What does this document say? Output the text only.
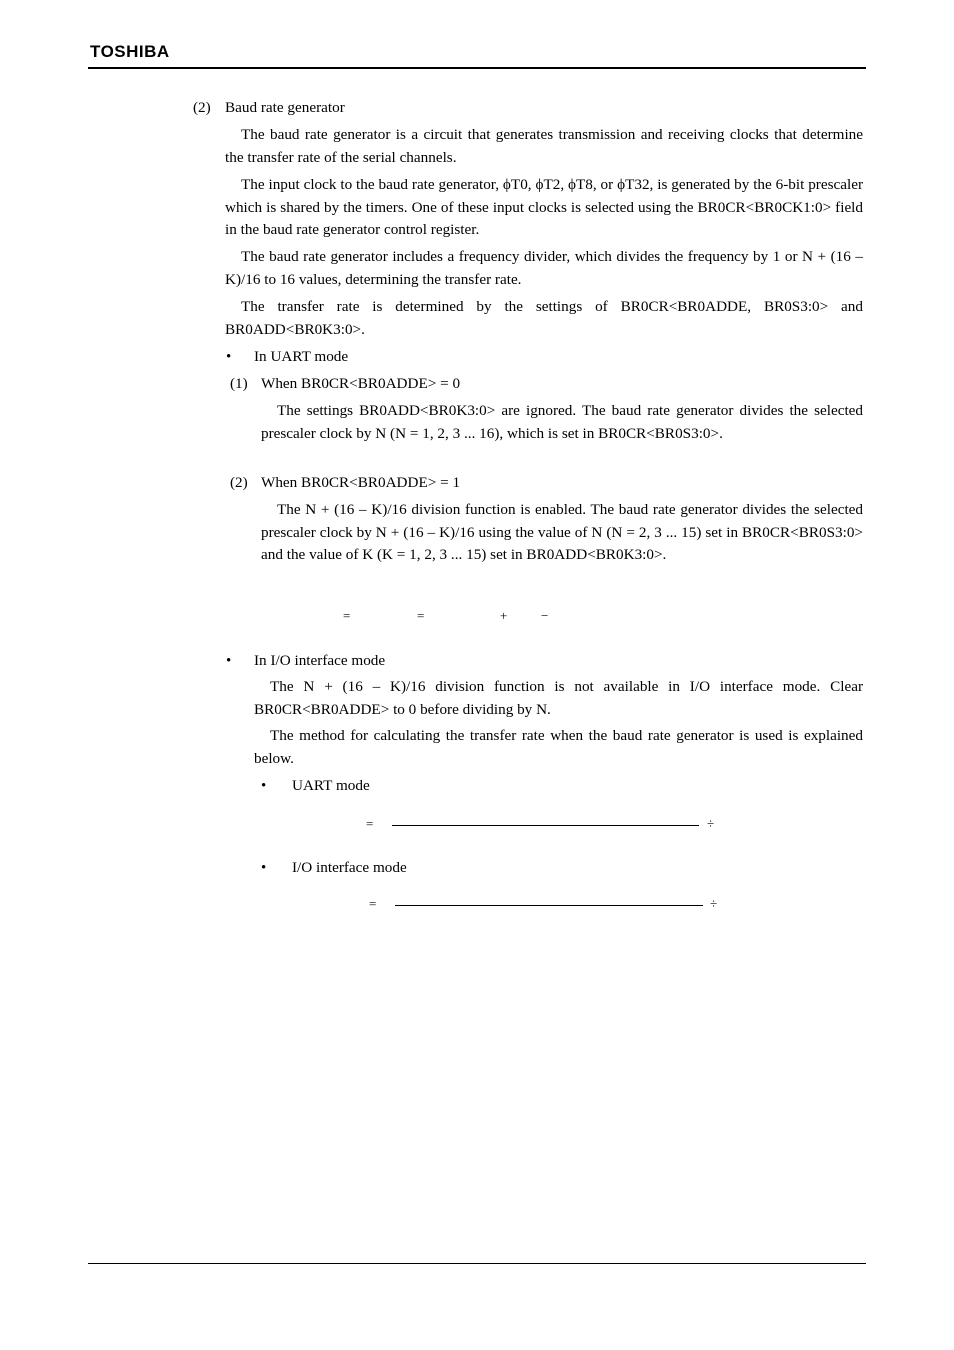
TOSHIBA
(2) Baud rate generator
The baud rate generator is a circuit that generates transmission and receiving clocks that determine the transfer rate of the serial channels.
The input clock to the baud rate generator, ϕT0, ϕT2, ϕT8, or ϕT32, is generated by the 6-bit prescaler which is shared by the timers. One of these input clocks is selected using the BR0CR<BR0CK1:0> field in the baud rate generator control register.
The baud rate generator includes a frequency divider, which divides the frequency by 1 or N + (16 – K)/16 to 16 values, determining the transfer rate.
The transfer rate is determined by the settings of BR0CR<BR0ADDE, BR0S3:0> and BR0ADD<BR0K3:0>.
• In UART mode
(1) When BR0CR<BR0ADDE> = 0
The settings BR0ADD<BR0K3:0> are ignored. The baud rate generator divides the selected prescaler clock by N (N = 1, 2, 3 ... 16), which is set in BR0CR<BR0S3:0>.
(2) When BR0CR<BR0ADDE> = 1
The N + (16 – K)/16 division function is enabled. The baud rate generator divides the selected prescaler clock by N + (16 – K)/16 using the value of N (N = 2, 3 ... 15) set in BR0CR<BR0S3:0> and the value of K (K = 1, 2, 3 ... 15) set in BR0ADD<BR0K3:0>.
=	=	+	−
• In I/O interface mode
The N + (16 – K)/16 division function is not available in I/O interface mode. Clear BR0CR<BR0ADDE> to 0 before dividing by N.
The method for calculating the transfer rate when the baud rate generator is used is explained below.
• UART mode
=	÷
• I/O interface mode
=	÷
